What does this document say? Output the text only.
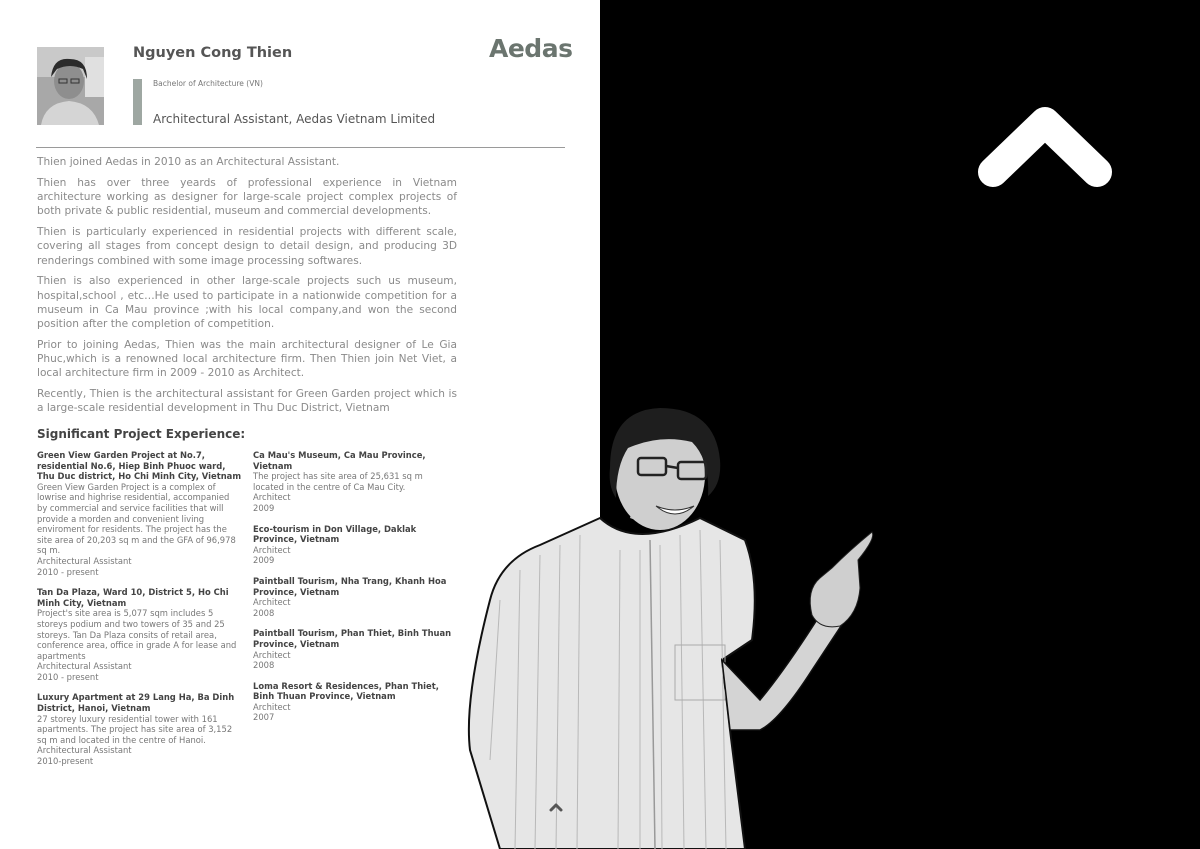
Nguyen Cong Thien
Bachelor of Architecture (VN)
Architectural Assistant, Aedas Vietnam Limited
Aedas

Thien joined Aedas in 2010 as an Architectural Assistant.

Thien has over three yeards of professional experience in Vietnam architecture working as designer for large-scale project complex projects of both private & public residential, museum and commercial developments.

Thien is particularly experienced in residential projects with different scale, covering all stages from concept design to detail design, and producing 3D renderings combined with some image processing softwares.

Thien is also experienced in other large-scale projects such us museum, hospital,school , etc…He used to participate in a nationwide competition for a museum in Ca Mau province ;with his local company,and won the second position after the completion of competition.

Prior to joining Aedas, Thien was the main architectural designer of Le Gia Phuc,which is a renowned local architecture firm. Then Thien join Net Viet, a local architecture firm in 2009 - 2010 as Architect.

Recently, Thien is the architectural assistant for Green Garden project which is a large-scale residential development in Thu Duc District, Vietnam

Significant Project Experience:
Green View Garden Project at No.7, residential No.6, Hiep Binh Phuoc ward, Thu Duc district, Ho Chi Minh City, Vietnam
Green View Garden Project is a complex of lowrise and highrise residential, accompanied by commercial and service facilities that will provide a morden and convenient living enviroment for residents. The project has the site area of 20,203 sq m and the GFA of 96,978 sq m.
Architectural Assistant
2010 - present
Tan Da Plaza, Ward 10, District 5, Ho Chi Minh City, Vietnam
Project's site area is 5,077 sqm includes 5 storeys podium and two towers of 35 and 25 storeys. Tan Da Plaza consits of retail area, conference area, office in grade A for lease and apartments
Architectural Assistant
2010 - present
Luxury Apartment at 29 Lang Ha, Ba Dinh District, Hanoi, Vietnam
27 storey luxury residential tower with 161 apartments. The project has site area of 3,152 sq m and located in the centre of Hanoi.
Architectural Assistant
2010-present
Ca Mau's Museum, Ca Mau Province, Vietnam
The project has site area of 25,631 sq m located in the centre of Ca Mau City.
Architect
2009
Eco-tourism in Don Village, Daklak Province, Vietnam
Architect
2009
Paintball Tourism, Nha Trang, Khanh Hoa Province, Vietnam
Architect
2008
Paintball Tourism, Phan Thiet, Binh Thuan Province, Vietnam
Architect
2008
Loma Resort & Residences, Phan Thiet, Binh Thuan Province, Vietnam
Architect
2007
